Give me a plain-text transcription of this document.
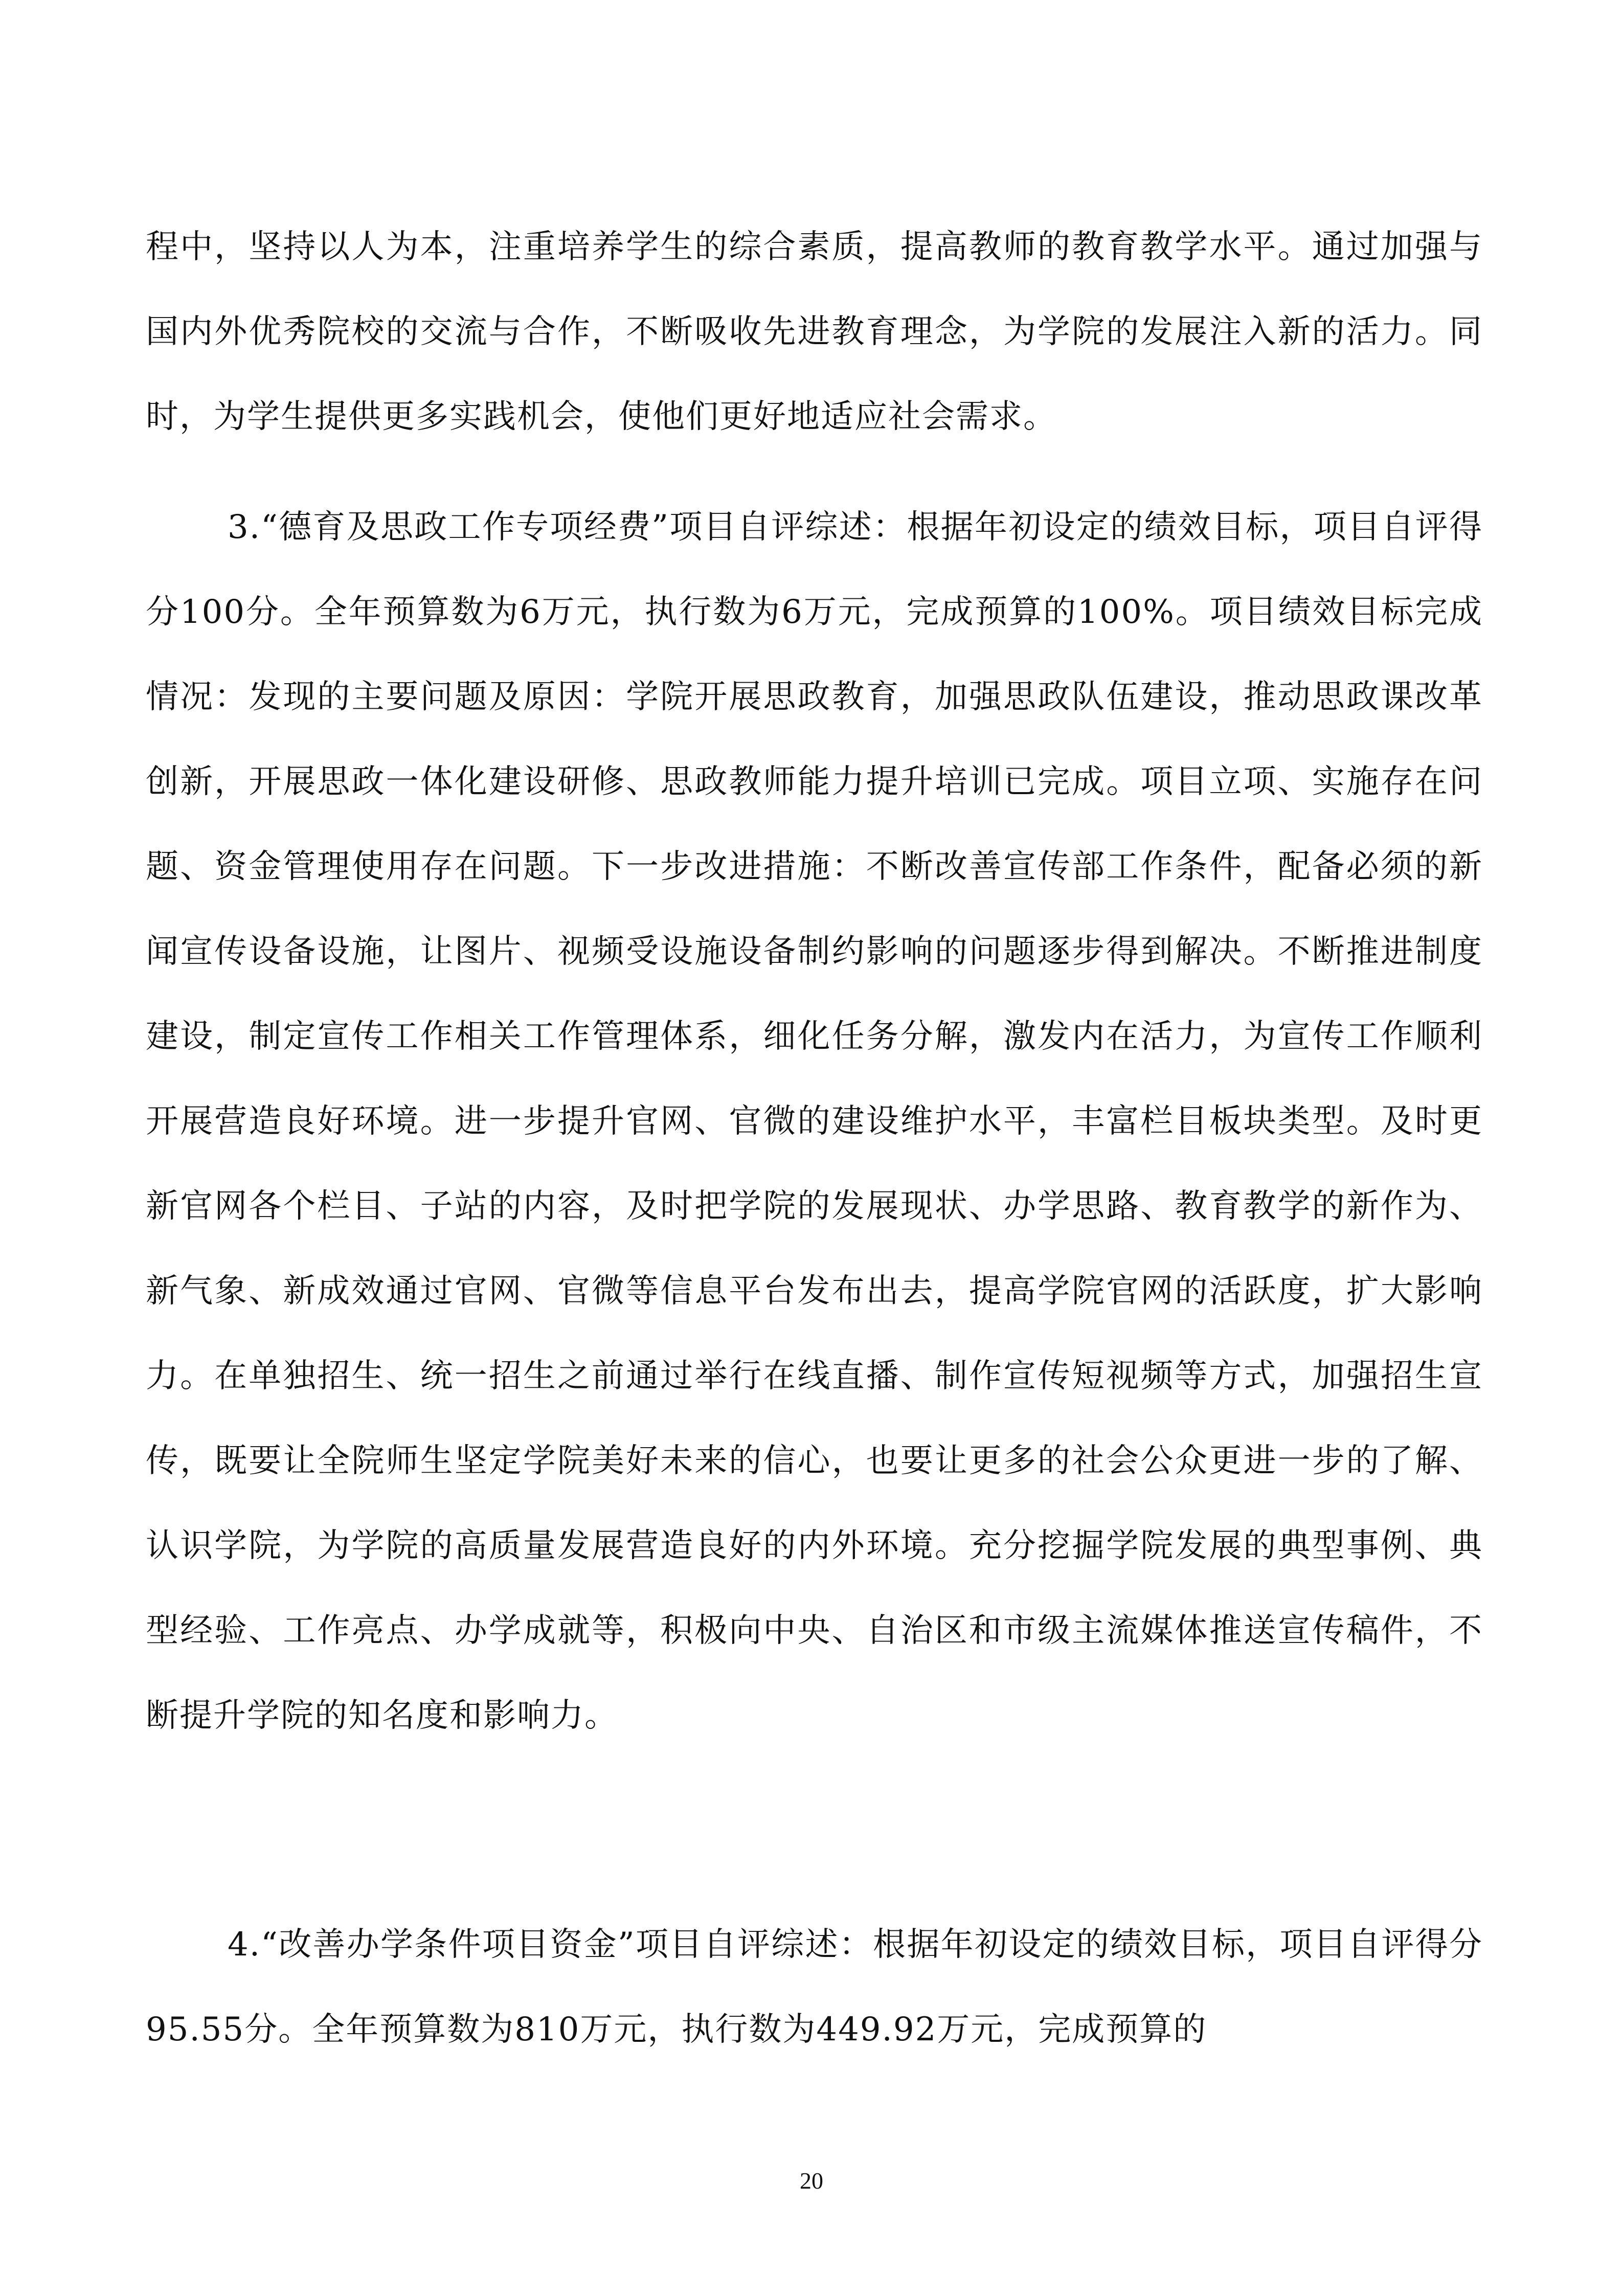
程中，坚持以人为本，注重培养学生的综合素质，提高教师的教育教学水平。通过加强与国内外优秀院校的交流与合作，不断吸收先进教育理念，为学院的发展注入新的活力。同时，为学生提供更多实践机会，使他们更好地适应社会需求。

3.“德育及思政工作专项经费”项目自评综述：根据年初设定的绩效目标，项目自评得分100分。全年预算数为6万元，执行数为6万元，完成预算的100%。项目绩效目标完成情况：发现的主要问题及原因：学院开展思政教育，加强思政队伍建设，推动思政课改革创新，开展思政一体化建设研修、思政教师能力提升培训已完成。项目立项、实施存在问题、资金管理使用存在问题。下一步改进措施：不断改善宣传部工作条件，配备必须的新闻宣传设备设施，让图片、视频受设施设备制约影响的问题逐步得到解决。不断推进制度建设，制定宣传工作相关工作管理体系，细化任务分解，激发内在活力，为宣传工作顺利开展营造良好环境。进一步提升官网、官微的建设维护水平，丰富栏目板块类型。及时更新官网各个栏目、子站的内容，及时把学院的发展现状、办学思路、教育教学的新作为、新气象、新成效通过官网、官微等信息平台发布出去，提高学院官网的活跃度，扩大影响力。在单独招生、统一招生之前通过举行在线直播、制作宣传短视频等方式，加强招生宣传，既要让全院师生坚定学院美好未来的信心，也要让更多的社会公众更进一步的了解、认识学院，为学院的高质量发展营造良好的内外环境。充分挖掘学院发展的典型事例、典型经验、工作亮点、办学成就等，积极向中央、自治区和市级主流媒体推送宣传稿件，不断提升学院的知名度和影响力。

4.“改善办学条件项目资金”项目自评综述：根据年初设定的绩效目标，项目自评得分95.55分。全年预算数为810万元，执行数为449.92万元，完成预算的

20
